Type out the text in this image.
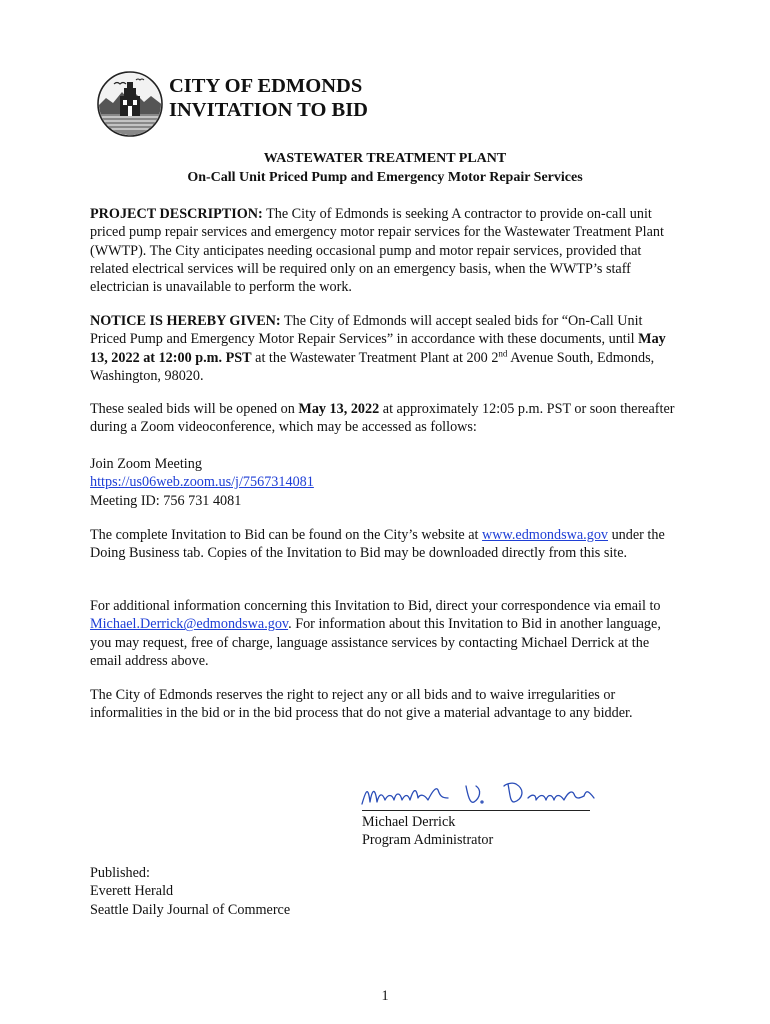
CITY OF EDMONDS
INVITATION TO BID
WASTEWATER TREATMENT PLANT
On-Call Unit Priced Pump and Emergency Motor Repair Services

PROJECT DESCRIPTION: The City of Edmonds is seeking A contractor to provide on-call unit priced pump repair services and emergency motor repair services for the Wastewater Treatment Plant (WWTP). The City anticipates needing occasional pump and motor repair services, provided that related electrical services will be required only on an emergency basis, when the WWTP’s staff electrician is unavailable to perform the work.

NOTICE IS HEREBY GIVEN: The City of Edmonds will accept sealed bids for “On-Call Unit Priced Pump and Emergency Motor Repair Services” in accordance with these documents, until May 13, 2022 at 12:00 p.m. PST at the Wastewater Treatment Plant at 200 2nd Avenue South, Edmonds, Washington, 98020.

These sealed bids will be opened on May 13, 2022 at approximately 12:05 p.m. PST or soon thereafter during a Zoom videoconference, which may be accessed as follows:

Join Zoom Meeting
https://us06web.zoom.us/j/7567314081
Meeting ID: 756 731 4081

The complete Invitation to Bid can be found on the City’s website at www.edmondswa.gov under the Doing Business tab. Copies of the Invitation to Bid may be downloaded directly from this site.

For additional information concerning this Invitation to Bid, direct your correspondence via email to Michael.Derrick@edmondswa.gov. For information about this Invitation to Bid in another language, you may request, free of charge, language assistance services by contacting Michael Derrick at the email address above.

The City of Edmonds reserves the right to reject any or all bids and to waive irregularities or informalities in the bid or in the bid process that do not give a material advantage to any bidder.

Michael Derrick
Program Administrator
Published:
Everett Herald
Seattle Daily Journal of Commerce
1
